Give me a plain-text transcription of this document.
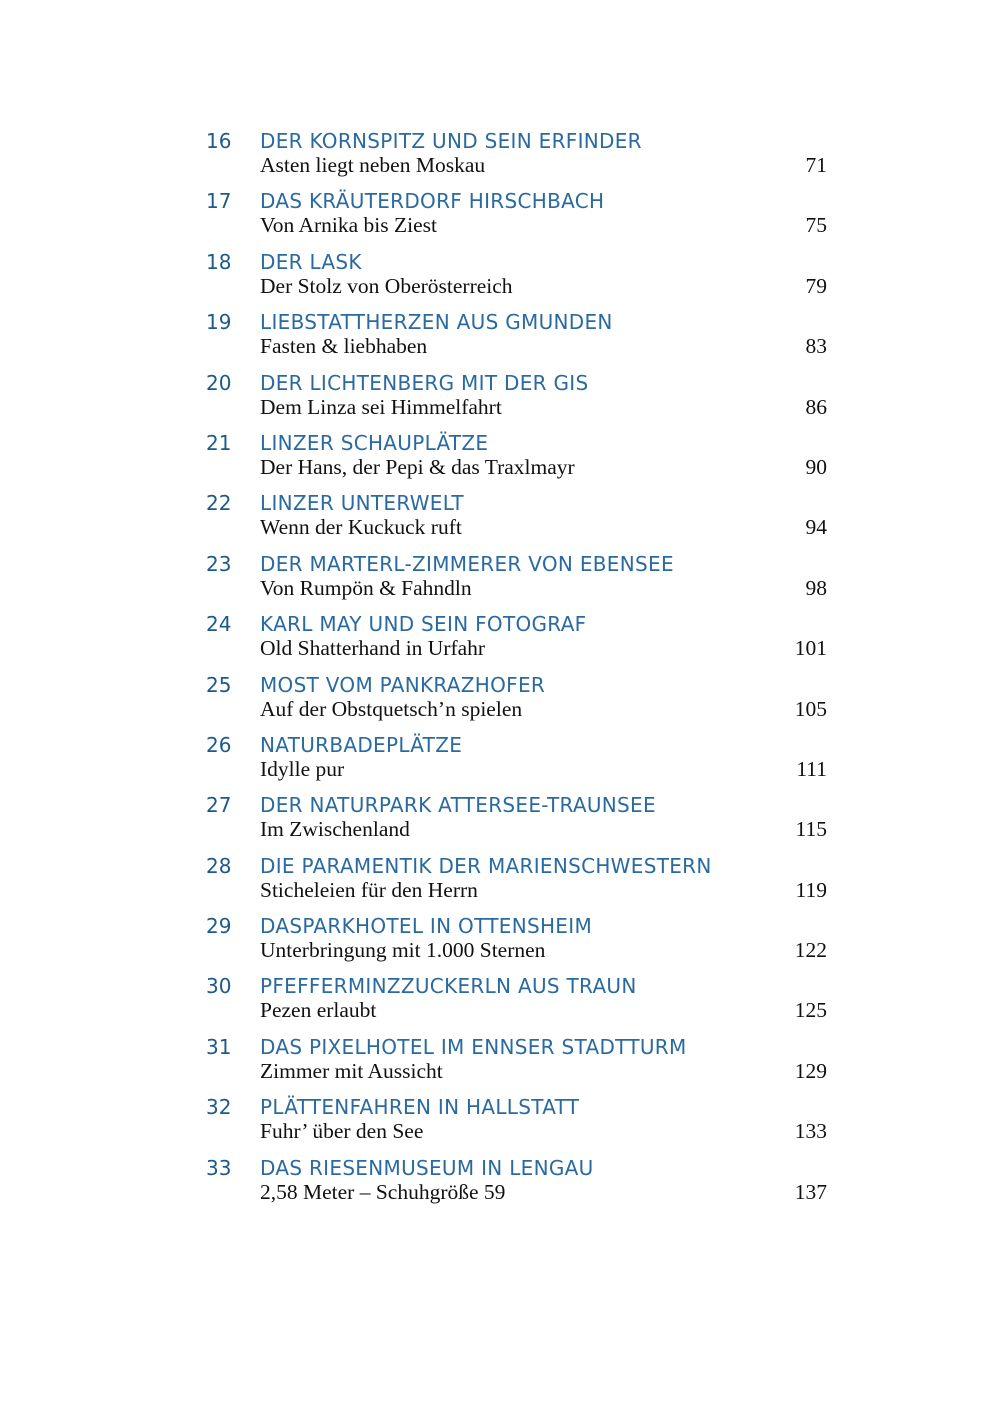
16	DER KORNSPITZ UND SEIN ERFINDER
Asten liegt neben Moskau	71
17	DAS KRÄUTERDORF HIRSCHBACH
Von Arnika bis Ziest	75
18	DER LASK
Der Stolz von Oberösterreich	79
19	LIEBSTATTHERZEN AUS GMUNDEN
Fasten & liebhaben	83
20	DER LICHTENBERG MIT DER GIS
Dem Linza sei Himmelfahrt	86
21	LINZER SCHAUPLÄTZE
Der Hans, der Pepi & das Traxlmayr	90
22	LINZER UNTERWELT
Wenn der Kuckuck ruft	94
23	DER MARTERL-ZIMMERER VON EBENSEE
Von Rumpön & Fahndln	98
24	KARL MAY UND SEIN FOTOGRAF
Old Shatterhand in Urfahr	101
25	MOST VOM PANKRAZHOFER
Auf der Obstquetsch’n spielen	105
26	NATURBADEPLÄTZE
Idylle pur	111
27	DER NATURPARK ATTERSEE-TRAUNSEE
Im Zwischenland	115
28	DIE PARAMENTIK DER MARIENSCHWESTERN
Sticheleien für den Herrn	119
29	DASPARKHOTEL IN OTTENSHEIM
Unterbringung mit 1.000 Sternen	122
30	PFEFFERMINZZUCKERLN AUS TRAUN
Pezen erlaubt	125
31	DAS PIXELHOTEL IM ENNSER STADTTURM
Zimmer mit Aussicht	129
32	PLÄTTENFAHREN IN HALLSTATT
Fuhr’ über den See	133
33	DAS RIESENMUSEUM IN LENGAU
2,58 Meter – Schuhgröße 59	137
